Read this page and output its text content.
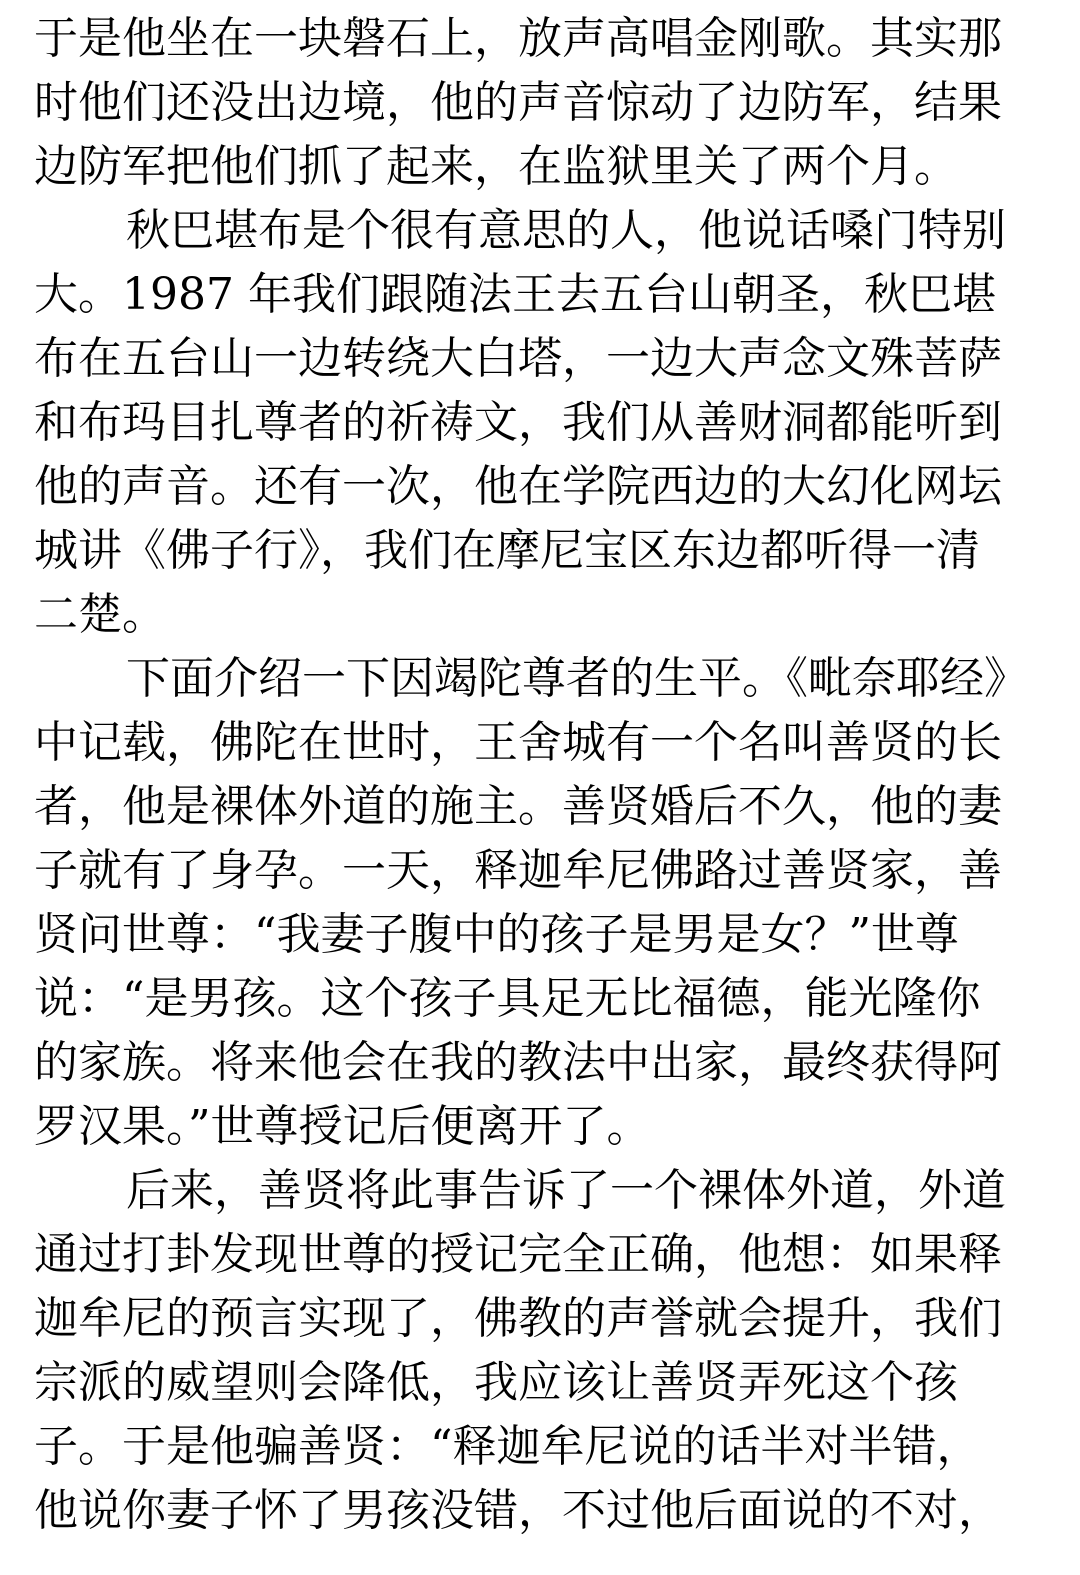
于是他坐在一块磐石上，放声高唱金刚歌。其实那
时他们还没出边境，他的声音惊动了边防军，结果
边防军把他们抓了起来，在监狱里关了两个月。
秋巴堪布是个很有意思的人，他说话嗓门特别
大。1987 年我们跟随法王去五台山朝圣，秋巴堪
布在五台山一边转绕大白塔，一边大声念文殊菩萨
和布玛目扎尊者的祈祷文，我们从善财洞都能听到
他的声音。还有一次，他在学院西边的大幻化网坛
城讲《佛子行》，我们在摩尼宝区东边都听得一清
二楚。
下面介绍一下因竭陀尊者的生平。《毗奈耶经》
中记载，佛陀在世时，王舍城有一个名叫善贤的长
者，他是裸体外道的施主。善贤婚后不久，他的妻
子就有了身孕。一天，释迦牟尼佛路过善贤家，善
贤问世尊：“我妻子腹中的孩子是男是女？”世尊
说：“是男孩。这个孩子具足无比福德，能光隆你
的家族。将来他会在我的教法中出家，最终获得阿
罗汉果。”世尊授记后便离开了。
后来，善贤将此事告诉了一个裸体外道，外道
通过打卦发现世尊的授记完全正确，他想：如果释
迦牟尼的预言实现了，佛教的声誉就会提升，我们
宗派的威望则会降低，我应该让善贤弄死这个孩
子。于是他骗善贤：“释迦牟尼说的话半对半错，
他说你妻子怀了男孩没错，不过他后面说的不对，
